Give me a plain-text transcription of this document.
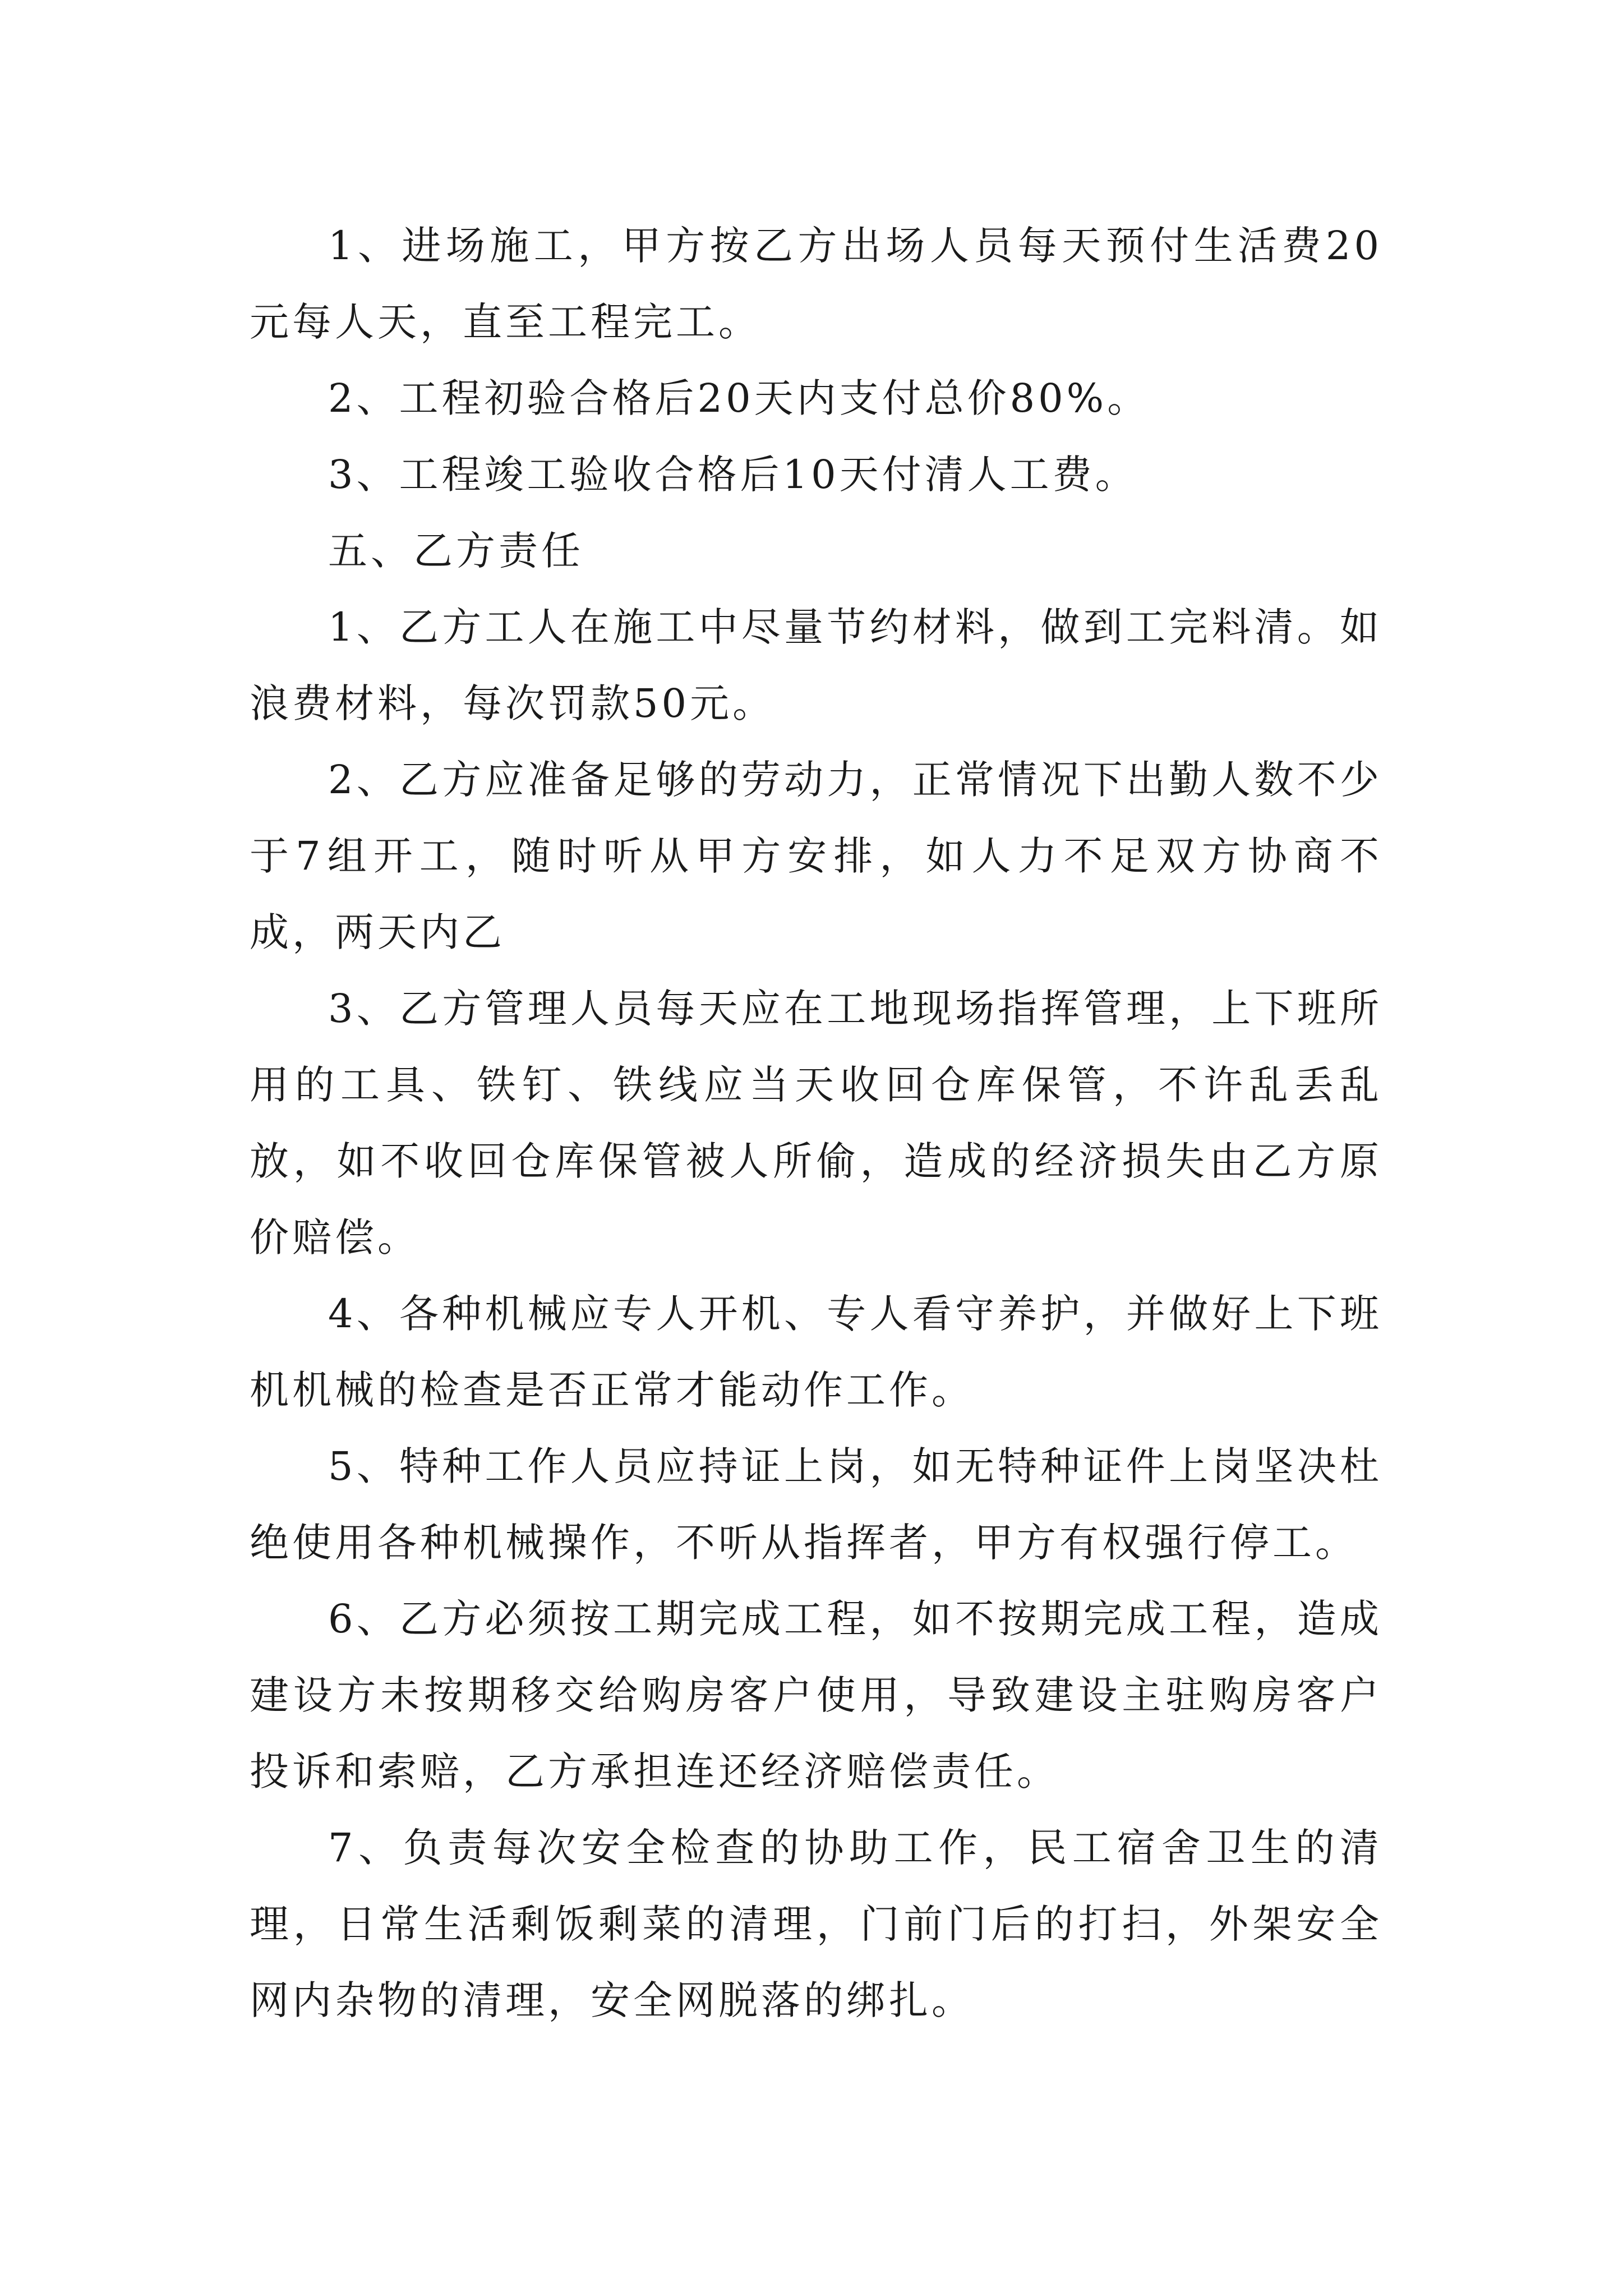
1、进场施工，甲方按乙方出场人员每天预付生活费20元每人天，直至工程完工。

2、工程初验合格后20天内支付总价80%。

3、工程竣工验收合格后10天付清人工费。

五、乙方责任

1、乙方工人在施工中尽量节约材料，做到工完料清。如浪费材料，每次罚款50元。

2、乙方应准备足够的劳动力，正常情况下出勤人数不少于7组开工，随时听从甲方安排，如人力不足双方协商不成，两天内乙

3、乙方管理人员每天应在工地现场指挥管理，上下班所用的工具、铁钉、铁线应当天收回仓库保管，不许乱丢乱放，如不收回仓库保管被人所偷，造成的经济损失由乙方原价赔偿。

4、各种机械应专人开机、专人看守养护，并做好上下班机机械的检查是否正常才能动作工作。

5、特种工作人员应持证上岗，如无特种证件上岗坚决杜绝使用各种机械操作，不听从指挥者，甲方有权强行停工。

6、乙方必须按工期完成工程，如不按期完成工程，造成建设方未按期移交给购房客户使用，导致建设主驻购房客户投诉和索赔，乙方承担连还经济赔偿责任。

7、负责每次安全检查的协助工作，民工宿舍卫生的清理，日常生活剩饭剩菜的清理，门前门后的打扫，外架安全网内杂物的清理，安全网脱落的绑扎。
